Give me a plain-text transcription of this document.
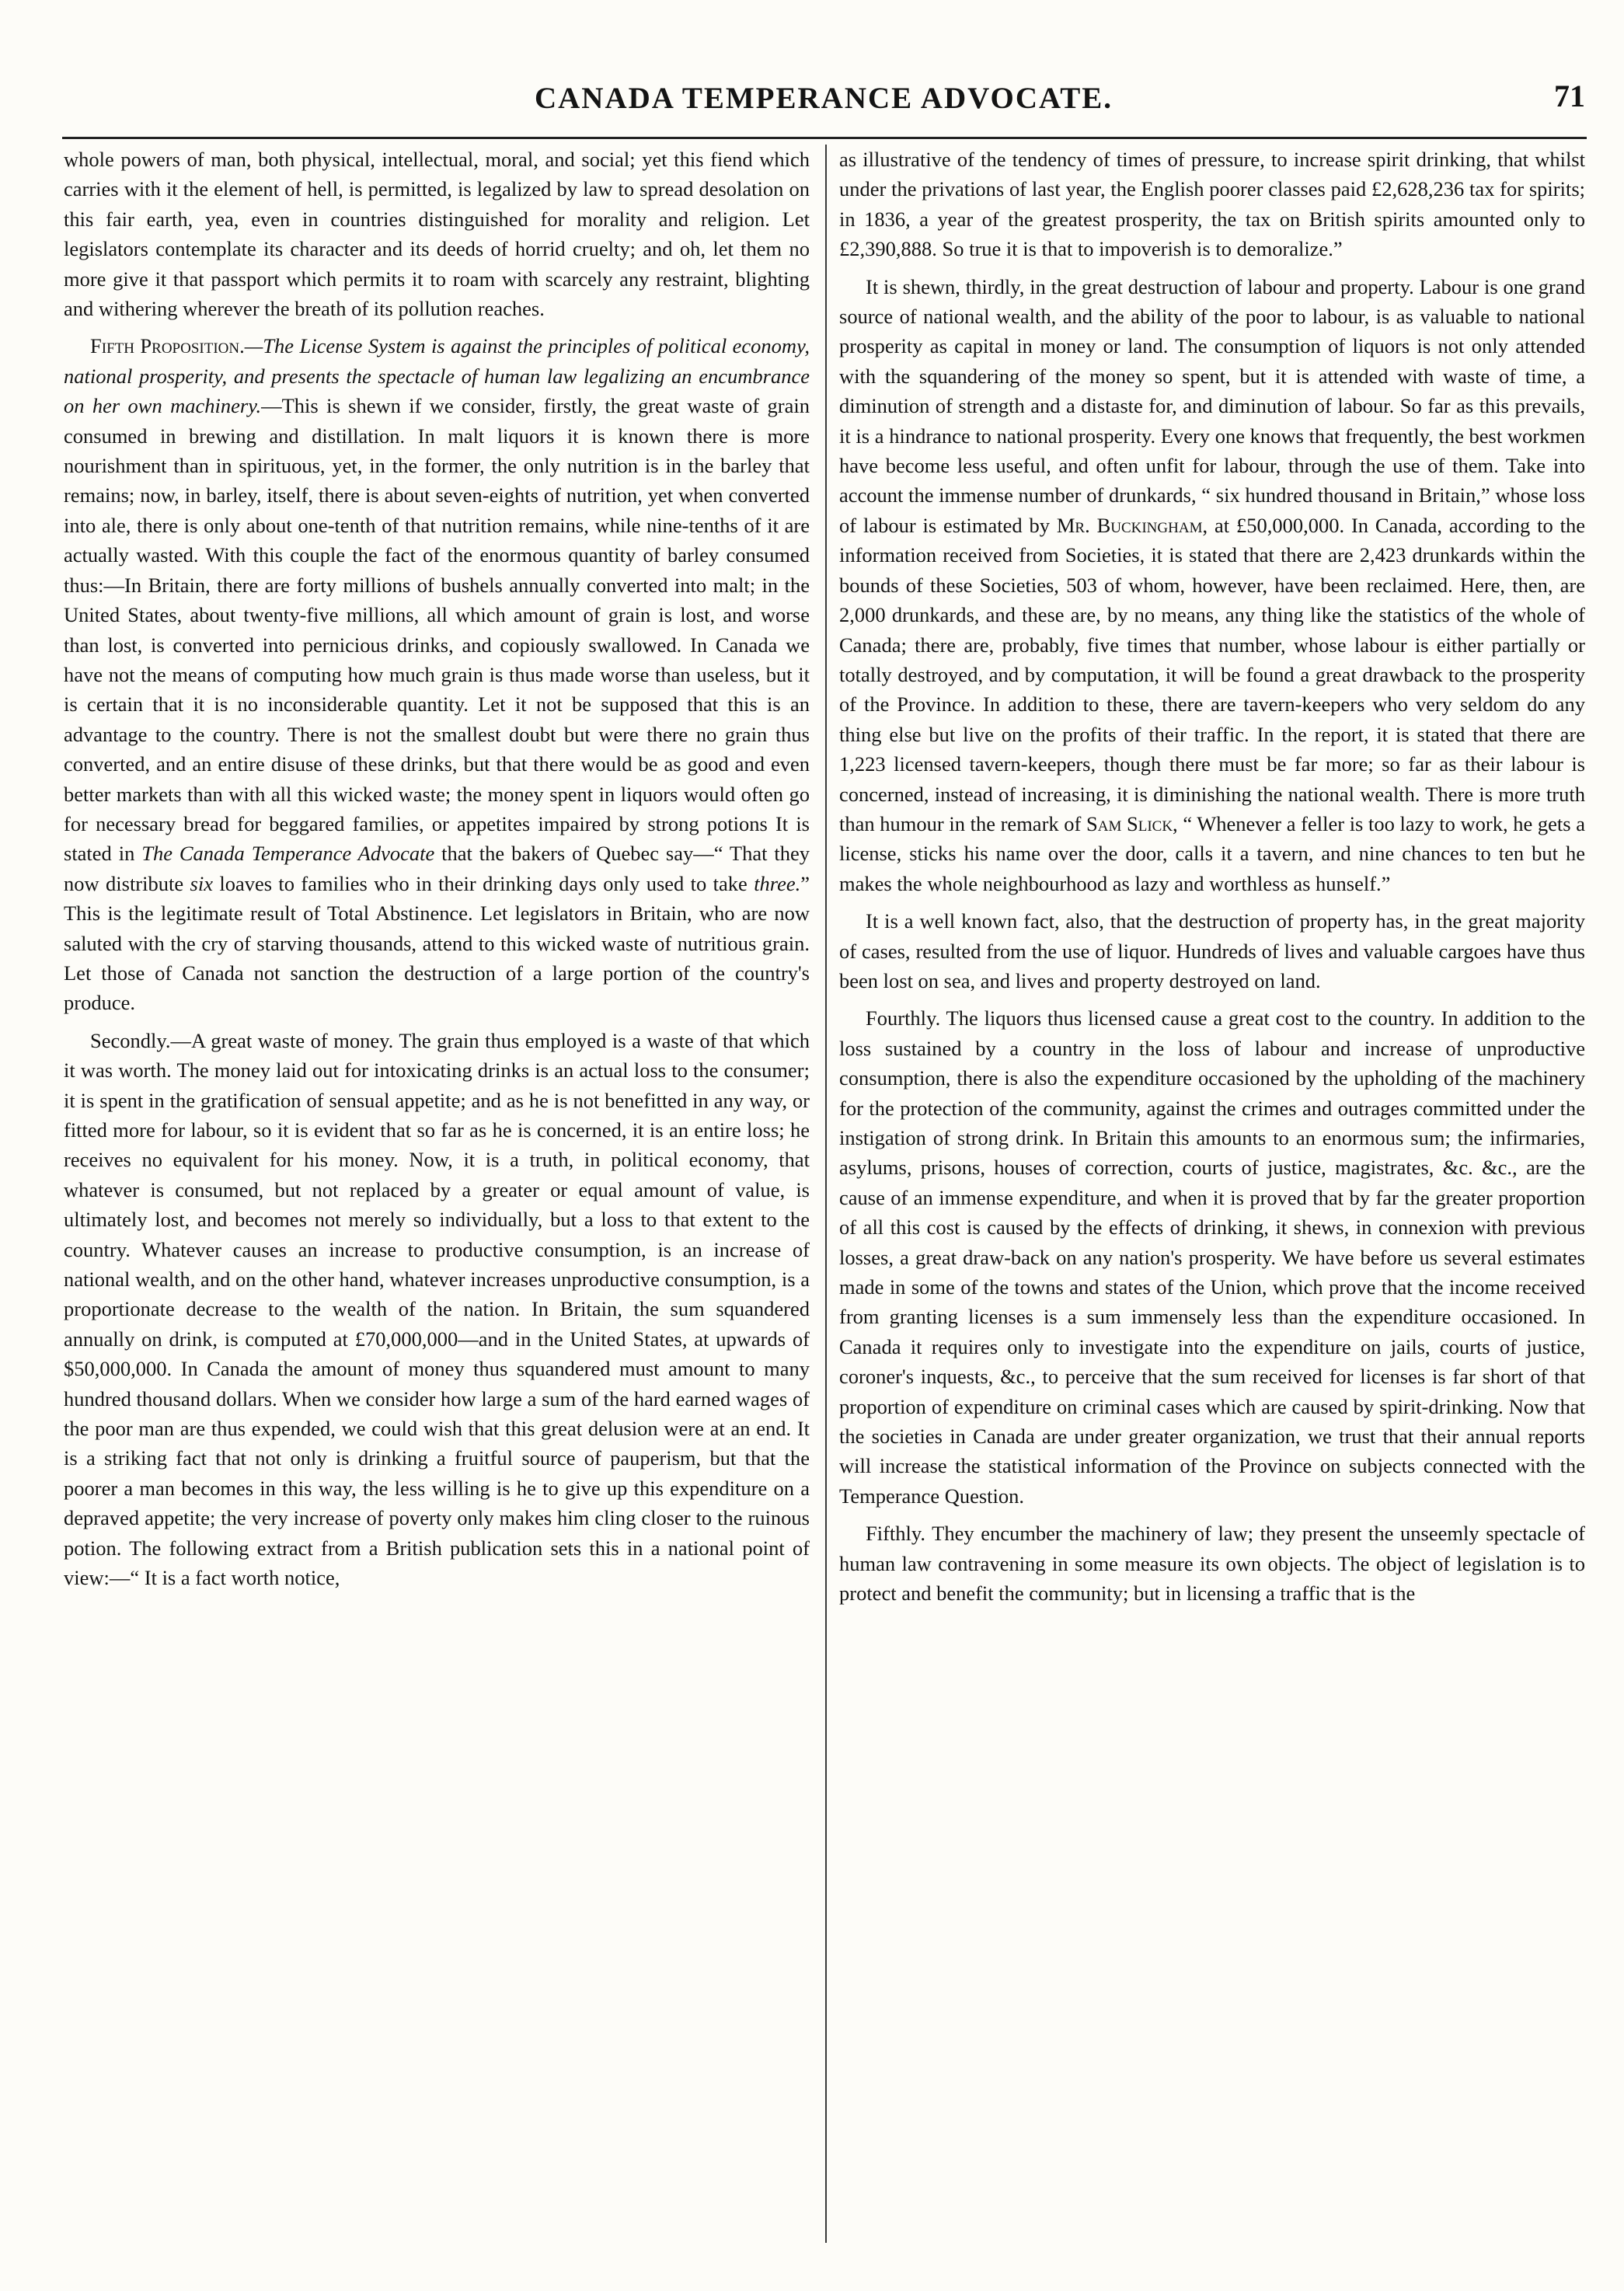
CANADA TEMPERANCE ADVOCATE.	71

whole powers of man, both physical, intellectual, moral, and social; yet this fiend which carries with it the element of hell, is permitted, is legalized by law to spread desolation on this fair earth, yea, even in countries distinguished for morality and religion. Let legislators contemplate its character and its deeds of horrid cruelty; and oh, let them no more give it that passport which permits it to roam with scarcely any restraint, blighting and withering wherever the breath of its pollution reaches.

Fifth Proposition.—The License System is against the principles of political economy, national prosperity, and presents the spectacle of human law legalizing an encumbrance on her own machinery.—This is shewn if we consider, firstly, the great waste of grain consumed in brewing and distillation. In malt liquors it is known there is more nourishment than in spirituous, yet, in the former, the only nutrition is in the barley that remains; now, in barley, itself, there is about seven-eights of nutrition, yet when converted into ale, there is only about one-tenth of that nutrition remains, while nine-tenths of it are actually wasted. With this couple the fact of the enormous quantity of barley consumed thus:—In Britain, there are forty millions of bushels annually converted into malt; in the United States, about twenty-five millions, all which amount of grain is lost, and worse than lost, is converted into pernicious drinks, and copiously swallowed. In Canada we have not the means of computing how much grain is thus made worse than useless, but it is certain that it is no inconsiderable quantity. Let it not be supposed that this is an advantage to the country. There is not the smallest doubt but were there no grain thus converted, and an entire disuse of these drinks, but that there would be as good and even better markets than with all this wicked waste; the money spent in liquors would often go for necessary bread for beggared families, or appetites impaired by strong potions It is stated in The Canada Temperance Advocate that the bakers of Quebec say—“ That they now distribute six loaves to families who in their drinking days only used to take three.” This is the legitimate result of Total Abstinence. Let legislators in Britain, who are now saluted with the cry of starving thousands, attend to this wicked waste of nutritious grain. Let those of Canada not sanction the destruction of a large portion of the country's produce.

Secondly.—A great waste of money. The grain thus employed is a waste of that which it was worth. The money laid out for intoxicating drinks is an actual loss to the consumer; it is spent in the gratification of sensual appetite; and as he is not benefitted in any way, or fitted more for labour, so it is evident that so far as he is concerned, it is an entire loss; he receives no equivalent for his money. Now, it is a truth, in political economy, that whatever is consumed, but not replaced by a greater or equal amount of value, is ultimately lost, and becomes not merely so individually, but a loss to that extent to the country. Whatever causes an increase to productive consumption, is an increase of national wealth, and on the other hand, whatever increases unproductive consumption, is a proportionate decrease to the wealth of the nation. In Britain, the sum squandered annually on drink, is computed at £70,000,000—and in the United States, at upwards of $50,000,000. In Canada the amount of money thus squandered must amount to many hundred thousand dollars. When we consider how large a sum of the hard earned wages of the poor man are thus expended, we could wish that this great delusion were at an end. It is a striking fact that not only is drinking a fruitful source of pauperism, but that the poorer a man becomes in this way, the less willing is he to give up this expenditure on a depraved appetite; the very increase of poverty only makes him cling closer to the ruinous potion. The following extract from a British publication sets this in a national point of view:—“ It is a fact worth notice,

as illustrative of the tendency of times of pressure, to increase spirit drinking, that whilst under the privations of last year, the English poorer classes paid £2,628,236 tax for spirits; in 1836, a year of the greatest prosperity, the tax on British spirits amounted only to £2,390,888. So true it is that to impoverish is to demoralize.”

It is shewn, thirdly, in the great destruction of labour and property. Labour is one grand source of national wealth, and the ability of the poor to labour, is as valuable to national prosperity as capital in money or land. The consumption of liquors is not only attended with the squandering of the money so spent, but it is attended with waste of time, a diminution of strength and a distaste for, and diminution of labour. So far as this prevails, it is a hindrance to national prosperity. Every one knows that frequently, the best workmen have become less useful, and often unfit for labour, through the use of them. Take into account the immense number of drunkards, “ six hundred thousand in Britain,” whose loss of labour is estimated by Mr. Buckingham, at £50,000,000. In Canada, according to the information received from Societies, it is stated that there are 2,423 drunkards within the bounds of these Societies, 503 of whom, however, have been reclaimed. Here, then, are 2,000 drunkards, and these are, by no means, any thing like the statistics of the whole of Canada; there are, probably, five times that number, whose labour is either partially or totally destroyed, and by computation, it will be found a great drawback to the prosperity of the Province. In addition to these, there are tavern-keepers who very seldom do any thing else but live on the profits of their traffic. In the report, it is stated that there are 1,223 licensed tavern-keepers, though there must be far more; so far as their labour is concerned, instead of increasing, it is diminishing the national wealth. There is more truth than humour in the remark of Sam Slick, “ Whenever a feller is too lazy to work, he gets a license, sticks his name over the door, calls it a tavern, and nine chances to ten but he makes the whole neighbourhood as lazy and worthless as hunself.”

It is a well known fact, also, that the destruction of property has, in the great majority of cases, resulted from the use of liquor. Hundreds of lives and valuable cargoes have thus been lost on sea, and lives and property destroyed on land.

Fourthly. The liquors thus licensed cause a great cost to the country. In addition to the loss sustained by a country in the loss of labour and increase of unproductive consumption, there is also the expenditure occasioned by the upholding of the machinery for the protection of the community, against the crimes and outrages committed under the instigation of strong drink. In Britain this amounts to an enormous sum; the infirmaries, asylums, prisons, houses of correction, courts of justice, magistrates, &c. &c., are the cause of an immense expenditure, and when it is proved that by far the greater proportion of all this cost is caused by the effects of drinking, it shews, in connexion with previous losses, a great draw-back on any nation's prosperity. We have before us several estimates made in some of the towns and states of the Union, which prove that the income received from granting licenses is a sum immensely less than the expenditure occasioned. In Canada it requires only to investigate into the expenditure on jails, courts of justice, coroner's inquests, &c., to perceive that the sum received for licenses is far short of that proportion of expenditure on criminal cases which are caused by spirit-drinking. Now that the societies in Canada are under greater organization, we trust that their annual reports will increase the statistical information of the Province on subjects connected with the Temperance Question.

Fifthly. They encumber the machinery of law; they present the unseemly spectacle of human law contravening in some measure its own objects. The object of legislation is to protect and benefit the community; but in licensing a traffic that is the
